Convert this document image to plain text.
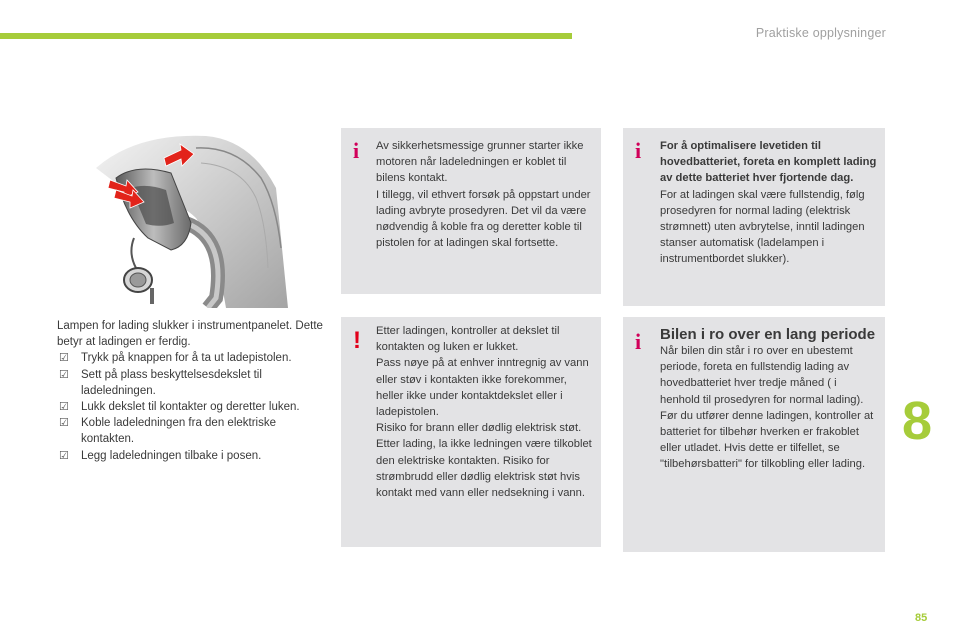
Praktiske opplysninger
8
85

Lampen for lading slukker i instrumentpanelet. Dette betyr at ladingen er ferdig.

☑ Trykk på knappen for å ta ut ladepistolen.
☑ Sett på plass beskyttelsesdekslet til ladeledningen.
☑ Lukk dekslet til kontakter og deretter luken.
☑ Koble ladeledningen fra den elektriske kontakten.
☑ Legg ladeledningen tilbake i posen.
i Av sikkerhetsmessige grunner starter ikke motoren når ladeledningen er koblet til bilens kontakt.
I tillegg, vil ethvert forsøk på oppstart under lading avbryte prosedyren. Det vil da være nødvendig å koble fra og deretter koble til pistolen for at ladingen skal fortsette.

i For å optimalisere levetiden til hovedbatteriet, foreta en komplett lading av dette batteriet hver fjortende dag.

For at ladingen skal være fullstendig, følg prosedyren for normal lading (elektrisk strømnett) uten avbrytelse, inntil ladingen stanser automatisk (ladelampen i instrumentbordet slukker).

! Etter ladingen, kontroller at dekslet til kontakten og luken er lukket.
Pass nøye på at enhver inntregnig av vann eller støv i kontakten ikke forekommer, heller ikke under kontaktdekslet eller i ladepistolen.
Risiko for brann eller dødlig elektrisk støt.
Etter lading, la ikke ledningen være tilkoblet den elektriske kontakten. Risiko for strømbrudd eller dødlig elektrisk støt hvis kontakt med vann eller nedsekning i vann.

i Bilen i ro over en lang periode

Når bilen din står i ro over en ubestemt periode, foreta en fullstendig lading av hovedbatteriet hver tredje måned ( i henhold til prosedyren for normal lading).
Før du utfører denne ladingen, kontroller at batteriet for tilbehør hverken er frakoblet eller utladet. Hvis dette er tilfellet, se "tilbehørsbatteri" for tilkobling eller lading.
